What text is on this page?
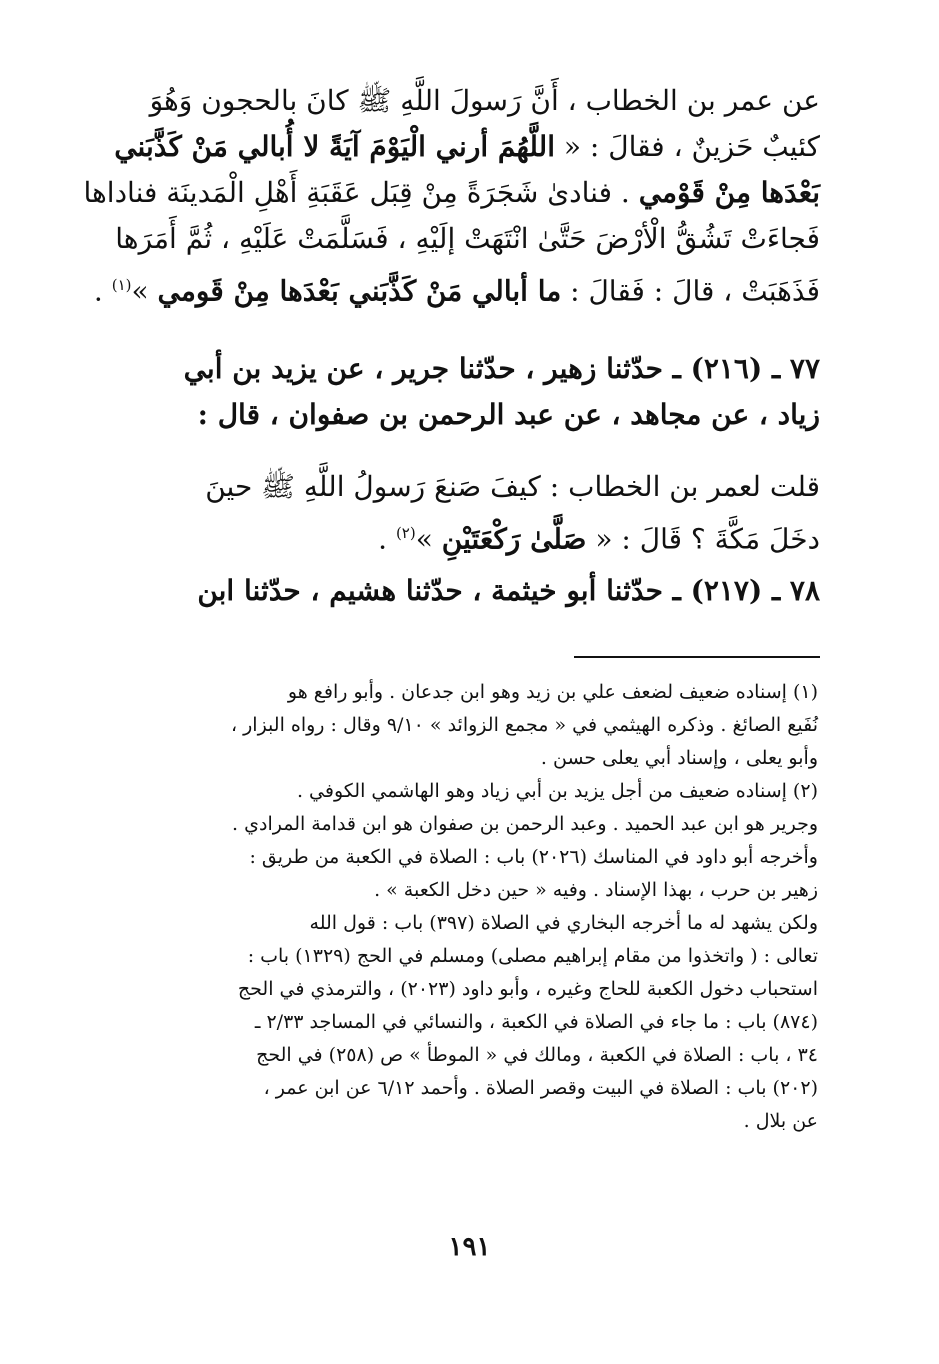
عن عمر بن الخطاب ، أَنَّ رَسولَ اللَّهِ ﷺ كانَ بالحجون وَهُوَ
كئيبٌ حَزينٌ ، فقالَ : « اللَّهُمَ أرني الْيَوْمَ آيَةً لا أُبالي مَنْ كَذَّبَني
بَعْدَها مِنْ قَوْمي . فنادىٰ شَجَرَةً مِنْ قِبَل عَقَبَةِ أَهْلِ الْمَدينَة فناداها
فَجاءَتْ تَشُقُّ الْأرْضَ حَتَّىٰ انْتَهَتْ إلَيْهِ ، فَسَلَّمَتْ عَلَيْهِ ، ثُمَّ أَمَرَها
فَذَهَبَتْ ، قالَ : فَقالَ : ما أبالي مَنْ كَذَّبَني بَعْدَها مِنْ قَومي »$^{(١)}$ .
٧٧ ـ (٢١٦) ـ حدّثنا زهير ، حدّثنا جرير ، عن يزيد بن أبي
زياد ، عن مجاهد ، عن عبد الرحمن بن صفوان ، قال :
قلت لعمر بن الخطاب : كيفَ صَنعَ رَسولُ اللَّهِ ﷺ حينَ
دخَلَ مَكَّةَ ؟ قَالَ : « صَلَّىٰ رَكْعَتَيْنِ »$^{(٢)}$ .
٧٨ ـ (٢١٧) ـ حدّثنا أبو خيثمة ، حدّثنا هشيم ، حدّثنا ابن
(١) إسناده ضعيف لضعف علي بن زيد وهو ابن جدعان . وأبو رافع هو
نُفَيع الصائغ . وذكره الهيثمي في « مجمع الزوائد » ٩/١٠ وقال : رواه البزار ،
وأبو يعلى ، وإسناد أبي يعلى حسن .
(٢) إسناده ضعيف من أجل يزيد بن أبي زياد وهو الهاشمي الكوفي .
وجرير هو ابن عبد الحميد . وعبد الرحمن بن صفوان هو ابن قدامة المرادي .
وأخرجه أبو داود في المناسك (٢٠٢٦) باب : الصلاة في الكعبة من طريق :
زهير بن حرب ، بهذا الإسناد . وفيه « حين دخل الكعبة » .
ولكن يشهد له ما أخرجه البخاري في الصلاة (٣٩٧) باب : قول الله
تعالى : ( واتخذوا من مقام إبراهيم مصلى) ومسلم في الحج (١٣٢٩) باب :
استحباب دخول الكعبة للحاج وغيره ، وأبو داود (٢٠٢٣) ، والترمذي في الحج
(٨٧٤) باب : ما جاء في الصلاة في الكعبة ، والنسائي في المساجد ٢/٣٣ ـ
٣٤ ، باب : الصلاة في الكعبة ، ومالك في « الموطأ » ص (٢٥٨) في الحج
(٢٠٢) باب : الصلاة في البيت وقصر الصلاة . وأحمد ٦/١٢ عن ابن عمر ،
عن بلال .
١٩١
